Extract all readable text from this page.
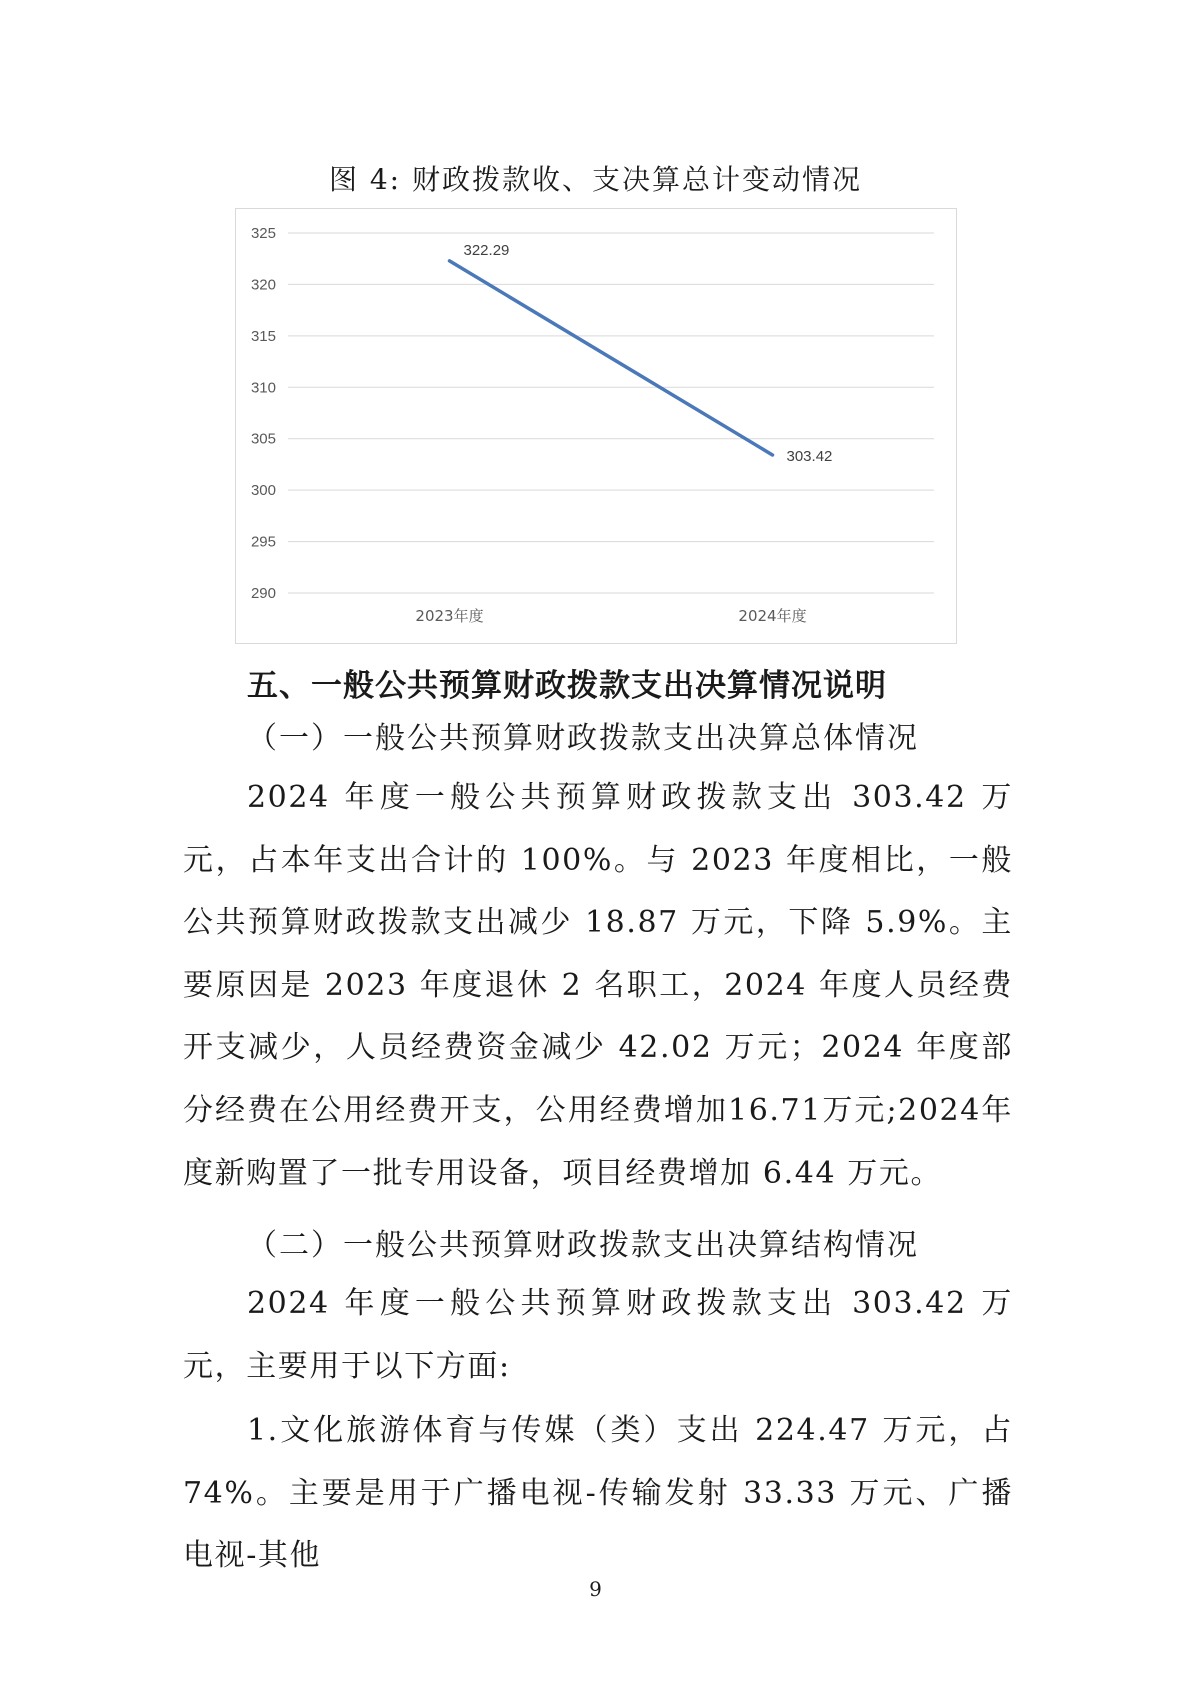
图 4: 财政拨款收、支决算总计变动情况
290
295
300
305
310
315
320
325
2023年度	2024年度
322.29
303.42
五、一般公共预算财政拨款支出决算情况说明
（一）一般公共预算财政拨款支出决算总体情况

2024 年度一般公共预算财政拨款支出 303.42 万元，占本年支出合计的 100%。与 2023 年度相比，一般公共预算财政拨款支出减少 18.87 万元，下降 5.9%。主要原因是 2023 年度退休 2 名职工，2024 年度人员经费开支减少，人员经费资金减少 42.02 万元；2024 年度部分经费在公用经费开支，公用经费增加16.71万元;2024年度新购置了一批专用设备，项目经费增加 6.44 万元。

（二）一般公共预算财政拨款支出决算结构情况

2024 年度一般公共预算财政拨款支出 303.42 万元，主要用于以下方面:

1.文化旅游体育与传媒（类）支出 224.47 万元，占 74%。主要是用于广播电视-传输发射 33.33 万元、广播电视-其他

9
